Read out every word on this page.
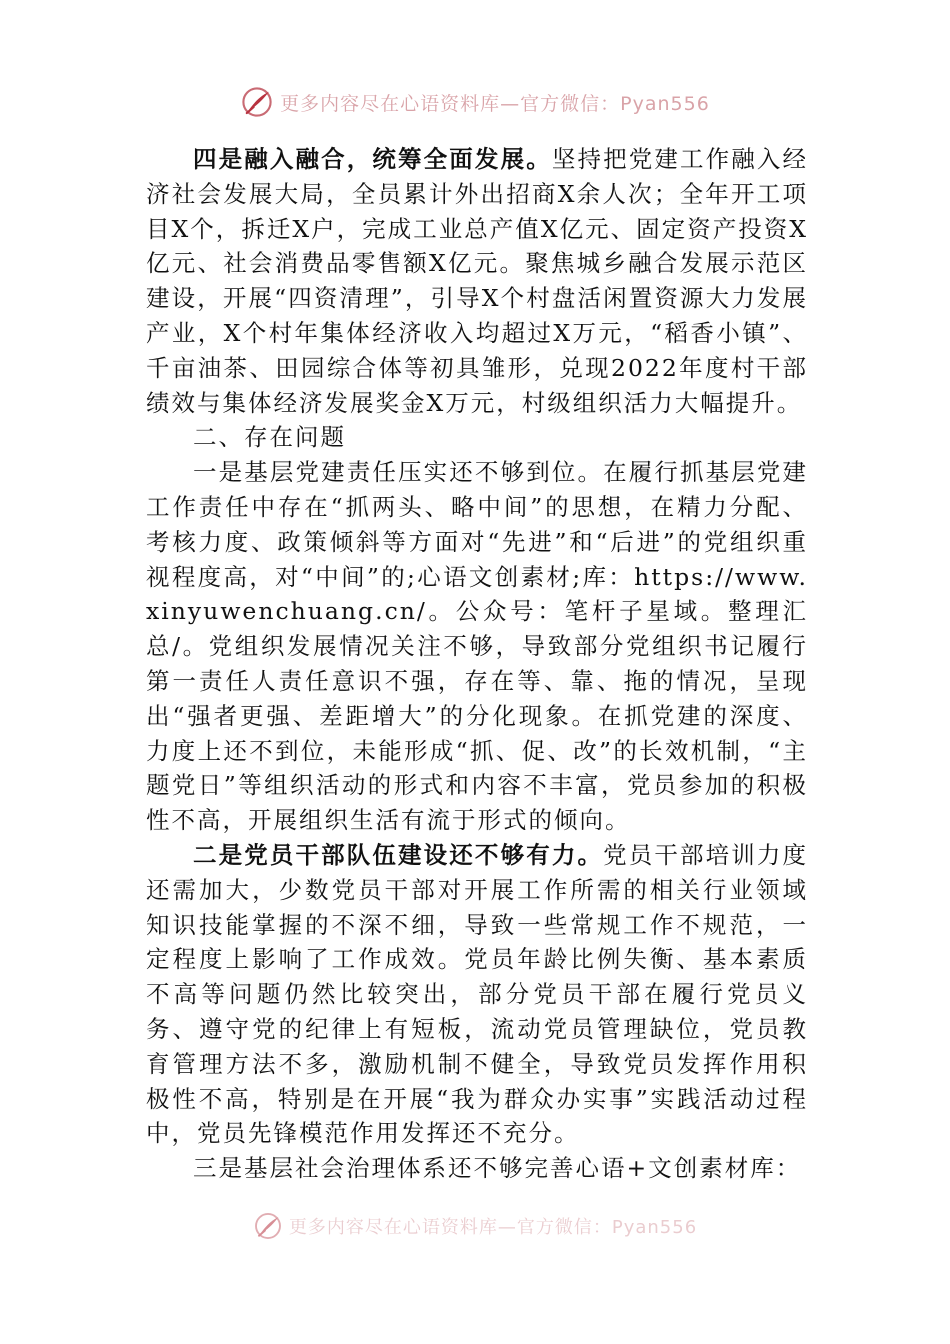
更多内容尽在心语资料库—官方微信：Pyan556

四是融入融合，统筹全面发展。坚持把党建工作融入经济社会发展大局，全员累计外出招商X余人次；全年开工项目X个，拆迁X户，完成工业总产值X亿元、固定资产投资X亿元、社会消费品零售额X亿元。聚焦城乡融合发展示范区建设，开展“四资清理”，引导X个村盘活闲置资源大力发展产业，X个村年集体经济收入均超过X万元，“稻香小镇”、千亩油茶、田园综合体等初具雏形，兑现2022年度村干部绩效与集体经济发展奖金X万元，村级组织活力大幅提升。

二、存在问题

一是基层党建责任压实还不够到位。在履行抓基层党建工作责任中存在“抓两头、略中间”的思想，在精力分配、考核力度、政策倾斜等方面对“先进”和“后进”的党组织重视程度高，对“中间”的;心语文创素材;库：https://www.xinyuwenchuang.cn/。公众号：笔杆子星域。整理汇总/。党组织发展情况关注不够，导致部分党组织书记履行第一责任人责任意识不强，存在等、靠、拖的情况，呈现出“强者更强、差距增大”的分化现象。在抓党建的深度、力度上还不到位，未能形成“抓、促、改”的长效机制，“主题党日”等组织活动的形式和内容不丰富，党员参加的积极性不高，开展组织生活有流于形式的倾向。

二是党员干部队伍建设还不够有力。党员干部培训力度还需加大，少数党员干部对开展工作所需的相关行业领域知识技能掌握的不深不细，导致一些常规工作不规范，一定程度上影响了工作成效。党员年龄比例失衡、基本素质不高等问题仍然比较突出，部分党员干部在履行党员义务、遵守党的纪律上有短板，流动党员管理缺位，党员教育管理方法不多，激励机制不健全，导致党员发挥作用积极性不高，特别是在开展“我为群众办实事”实践活动过程中，党员先锋模范作用发挥还不充分。

三是基层社会治理体系还不够完善心语+文创素材库：

更多内容尽在心语资料库—官方微信：Pyan556
